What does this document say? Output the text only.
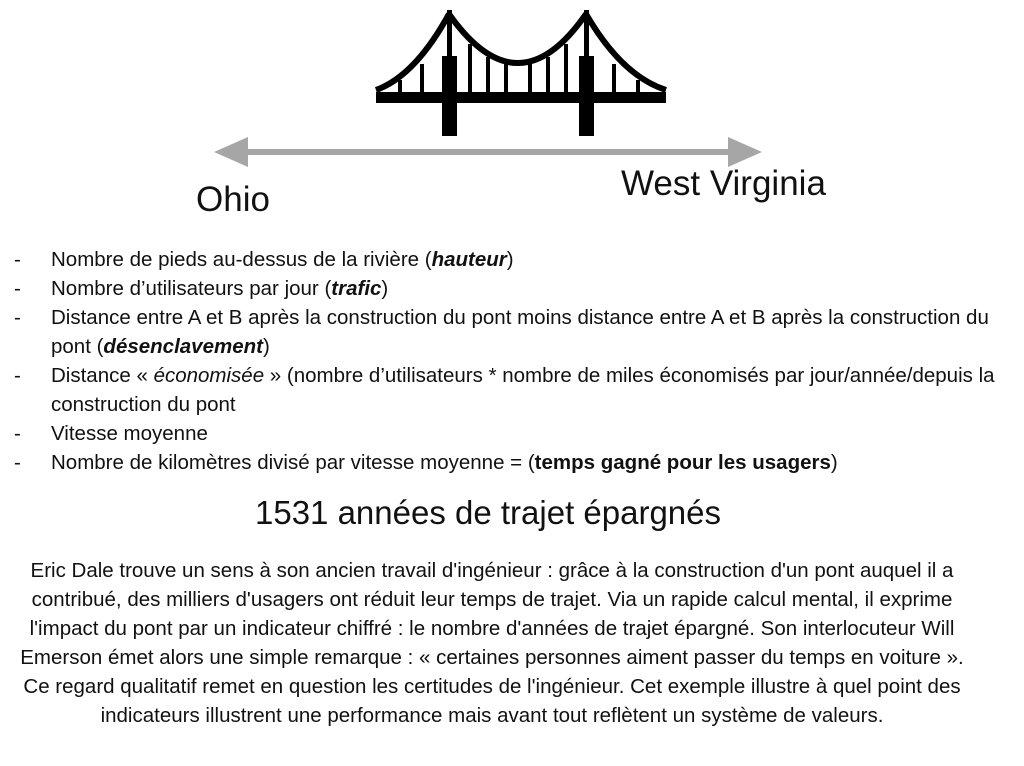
Ohio	West Virginia
- Nombre de pieds au-dessus de la rivière (hauteur)
- Nombre d’utilisateurs par jour (trafic)
- Distance entre A et B après la construction du pont moins distance entre A et B après la construction du pont (désenclavement)
- Distance « économisée » (nombre d’utilisateurs * nombre de miles économisés par jour/année/depuis la construction du pont
- Vitesse moyenne
- Nombre de kilomètres divisé par vitesse moyenne = (temps gagné pour les usagers)
1531 années de trajet épargnés

Eric Dale trouve un sens à son ancien travail d'ingénieur : grâce à la construction d'un pont auquel il a contribué, des milliers d'usagers ont réduit leur temps de trajet. Via un rapide calcul mental, il exprime l'impact du pont par un indicateur chiffré : le nombre d'années de trajet épargné. Son interlocuteur Will Emerson émet alors une simple remarque : « certaines personnes aiment passer du temps en voiture ». Ce regard qualitatif remet en question les certitudes de l'ingénieur. Cet exemple illustre à quel point des indicateurs illustrent une performance mais avant tout reflètent un système de valeurs.
